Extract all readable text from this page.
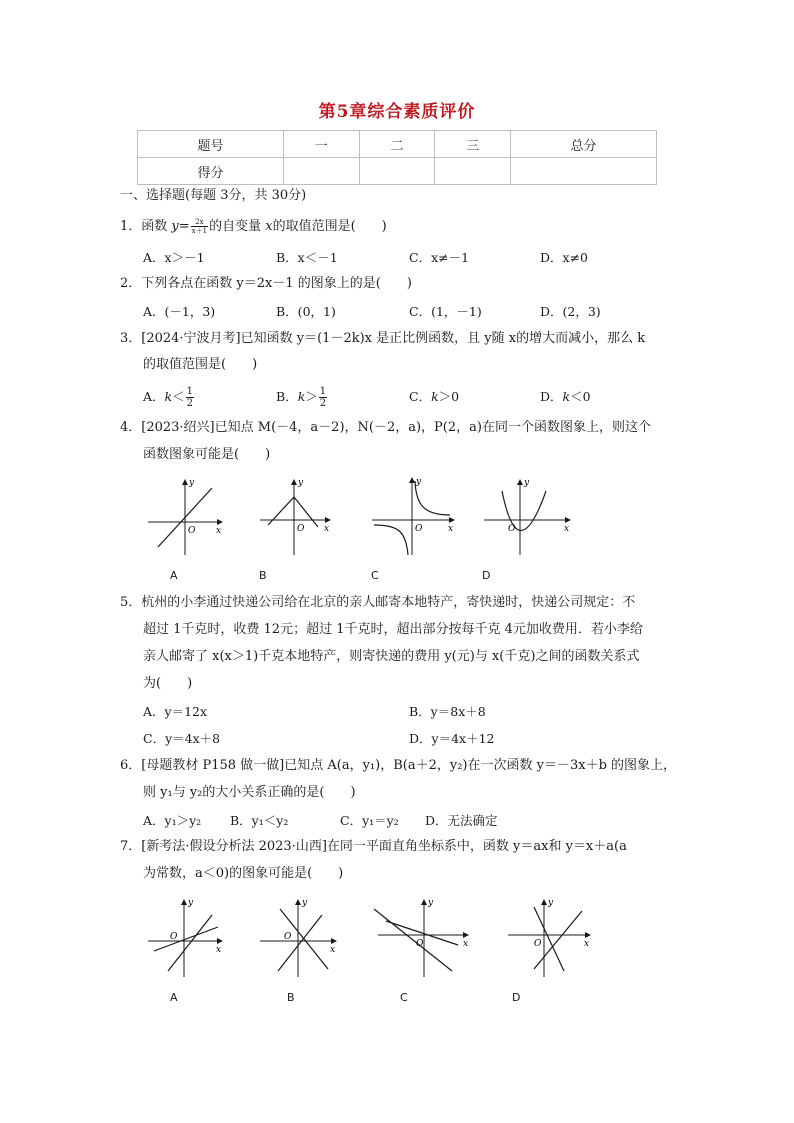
第5章综合素质评价
题号	一	二	三	总分
得分				
一、选择题(每题 3分，共 30分)
1．函数 $y= \frac{2x}{x+1}$ 的自变量 x的取值范围是(　　)
A．x＞－1	B．x＜－1	C．x≠－1	D．x≠0
2．下列各点在函数 y＝2x－1 的图象上的是(　　)
A．(－1，3)	B．(0，1)	C．(1，－1)	D．(2，3)
3．[2024·宁波月考]已知函数 y＝(1－2k)x 是正比例函数，且 y随 x的增大而减小，那么 k
的取值范围是(　　)
A．$k< \frac{1}{2}$	B．$k> \frac{1}{2}$	C．k＞0	D．k＜0
4．[2023·绍兴]已知点 M(－4，a－2)，N(－2，a)，P(2，a)在同一个函数图象上，则这个
函数图象可能是(　　)
y
x
O
y
x
O
y
x
O
y
x
O
A	B	C	D
5．杭州的小李通过快递公司给在北京的亲人邮寄本地特产，寄快递时，快递公司规定：不
超过 1千克时，收费 12元；超过 1千克时，超出部分按每千克 4元加收费用．若小李给
亲人邮寄了 x(x＞1)千克本地特产，则寄快递的费用 y(元)与 x(千克)之间的函数关系式
为(　　)
A．y＝12x	B．y＝8x＋8
C．y＝4x＋8	D．y＝4x＋12
6．[母题教材 P158 做一做]已知点 A(a，y₁)，B(a＋2，y₂)在一次函数 y＝－3x＋b 的图象上，
则 y₁与 y₂的大小关系正确的是(　　)
A．y₁＞y₂ B．y₁＜y₂	C．y₁＝y₂ D．无法确定
7．[新考法·假设分析法 2023·山西]在同一平面直角坐标系中，函数 y＝ax和 y＝x＋a(a
为常数，a＜0)的图象可能是(　　)
y
x
O
y
x
O
y
x
O
y
x
O
A	B	C	D
